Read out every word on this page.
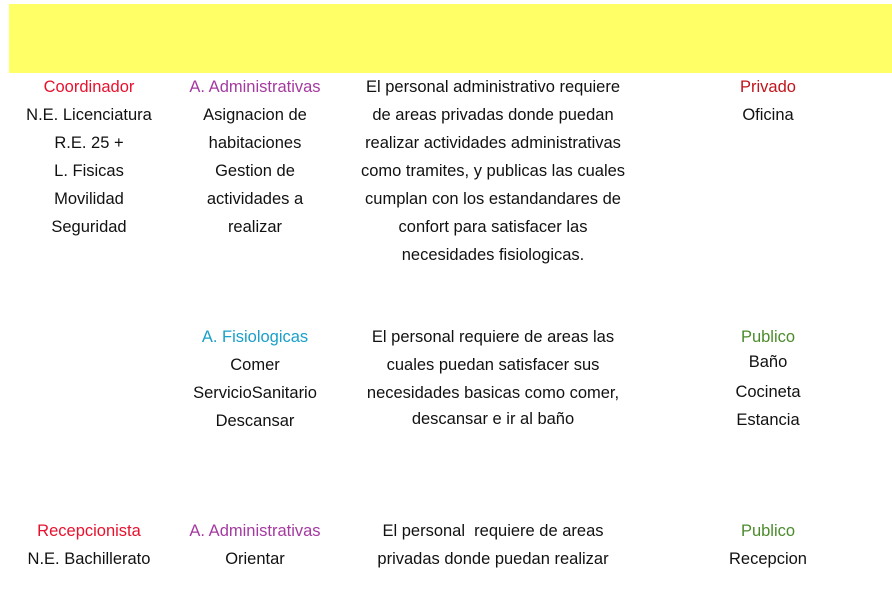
Coordinador
N.E. Licenciatura
R.E. 25 +
L. Fisicas
Movilidad
Seguridad
A. Administrativas
Asignacion de
habitaciones
Gestion de
actividades a
realizar
El personal administrativo requiere
de areas privadas donde puedan
realizar actividades administrativas
como tramites, y publicas las cuales
cumplan con los estandandares de
confort para satisfacer las
necesidades fisiologicas.
Privado
Oficina
A. Fisiologicas
Comer
ServicioSanitario
Descansar
El personal requiere de areas las
cuales puedan satisfacer sus
necesidades basicas como comer,
descansar e ir al baño
Publico
Baño
Cocineta
Estancia
Recepcionista
N.E. Bachillerato
A. Administrativas
Orientar
El personal  requiere de areas
privadas donde puedan realizar
Publico
Recepcion
